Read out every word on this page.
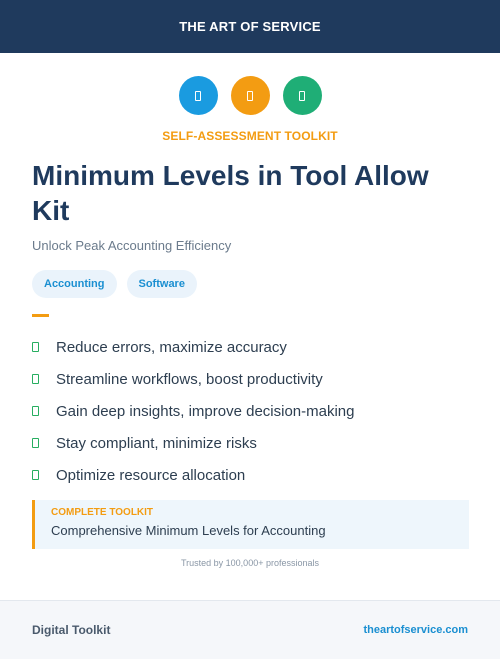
THE ART OF SERVICE
SELF-ASSESSMENT TOOLKIT
Minimum Levels in Tool Allow Kit
Unlock Peak Accounting Efficiency
Accounting	Software
Reduce errors, maximize accuracy
Streamline workflows, boost productivity
Gain deep insights, improve decision-making
Stay compliant, minimize risks
Optimize resource allocation
COMPLETE TOOLKIT
Comprehensive Minimum Levels for Accounting
Trusted by 100,000+ professionals
Digital Toolkit	theartofservice.com
